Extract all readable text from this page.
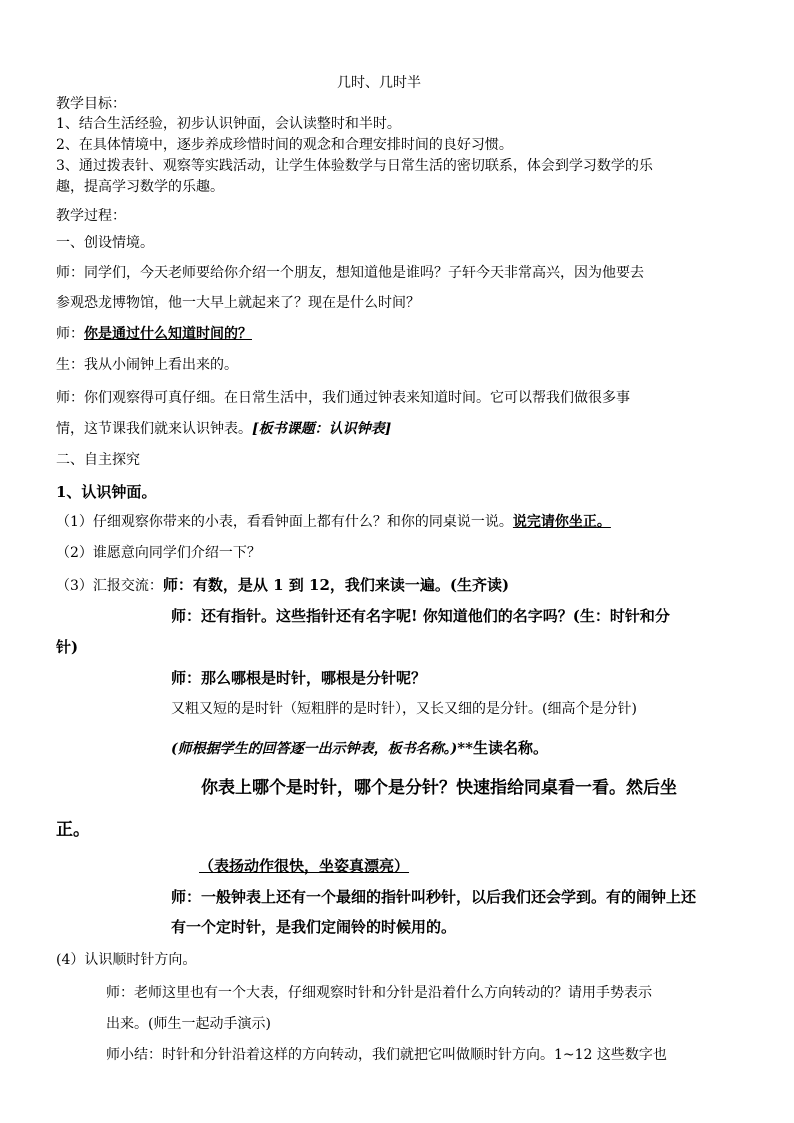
几时、几时半
教学目标：
1、结合生活经验，初步认识钟面，会认读整时和半时。
2、在具体情境中，逐步养成珍惜时间的观念和合理安排时间的良好习惯。
3、通过拨表针、观察等实践活动，让学生体验数学与日常生活的密切联系，体会到学习数学的乐
趣，提高学习数学的乐趣。
教学过程：
一、创设情境。
师：同学们，今天老师要给你介绍一个朋友，想知道他是谁吗？子轩今天非常高兴，因为他要去
参观恐龙博物馆，他一大早上就起来了？现在是什么时间？
师：你是通过什么知道时间的？
生：我从小闹钟上看出来的。
师：你们观察得可真仔细。在日常生活中，我们通过钟表来知道时间。它可以帮我们做很多事
情，这节课我们就来认识钟表。[板书课题：认识钟表]
二、自主探究
1、认识钟面。
（1）仔细观察你带来的小表，看看钟面上都有什么？和你的同桌说一说。说完请你坐正。
（2）谁愿意向同学们介绍一下？
（3）汇报交流：师：有数，是从 1 到 12，我们来读一遍。(生齐读)
师：还有指针。这些指针还有名字呢! 你知道他们的名字吗？(生：时针和分
针)
师：那么哪根是时针，哪根是分针呢？
又粗又短的是时针（短粗胖的是时针），又长又细的是分针。(细高个是分针)
(师根据学生的回答逐一出示钟表，板书名称。)**生读名称。
你表上哪个是时针，哪个是分针？快速指给同桌看一看。然后坐
正。
（表扬动作很快，坐姿真漂亮）
师：一般钟表上还有一个最细的指针叫秒针，以后我们还会学到。有的闹钟上还
有一个定时针，是我们定闹铃的时候用的。
(4）认识顺时针方向。
师：老师这里也有一个大表，仔细观察时针和分针是沿着什么方向转动的？请用手势表示
出来。(师生一起动手演示)
师小结：时针和分针沿着这样的方向转动，我们就把它叫做顺时针方向。1~12 这些数字也
